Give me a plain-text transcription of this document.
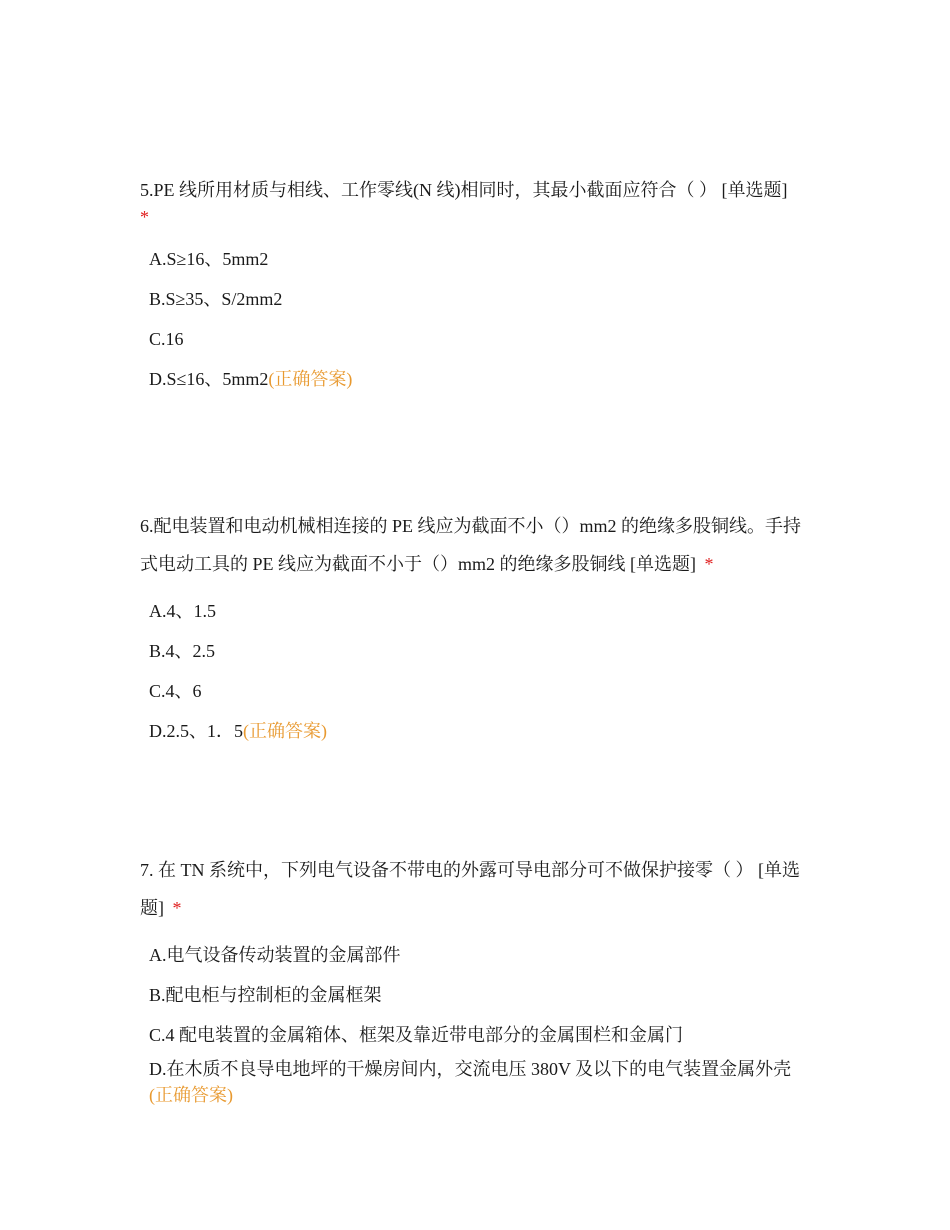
5.PE 线所用材质与相线、工作零线(N 线)相同时，其最小截面应符合（ ） [单选题]
*

A.S≥16、5mm2
B.S≥35、S/2mm2
C.16
D.S≤16、5mm2(正确答案)

6.配电装置和电动机械相连接的 PE 线应为截面不小（）mm2 的绝缘多股铜线。手持式电动工具的 PE 线应为截面不小于（）mm2 的绝缘多股铜线 [单选题] *

A.4、1.5
B.4、2.5
C.4、6
D.2.5、1．5(正确答案)

7. 在 TN 系统中，下列电气设备不带电的外露可导电部分可不做保护接零（ ） [单选题] *

A.电气设备传动装置的金属部件
B.配电柜与控制柜的金属框架
C.4 配电装置的金属箱体、框架及靠近带电部分的金属围栏和金属门
D.在木质不良导电地坪的干燥房间内，交流电压 380V 及以下的电气装置金属外壳(正确答案)
